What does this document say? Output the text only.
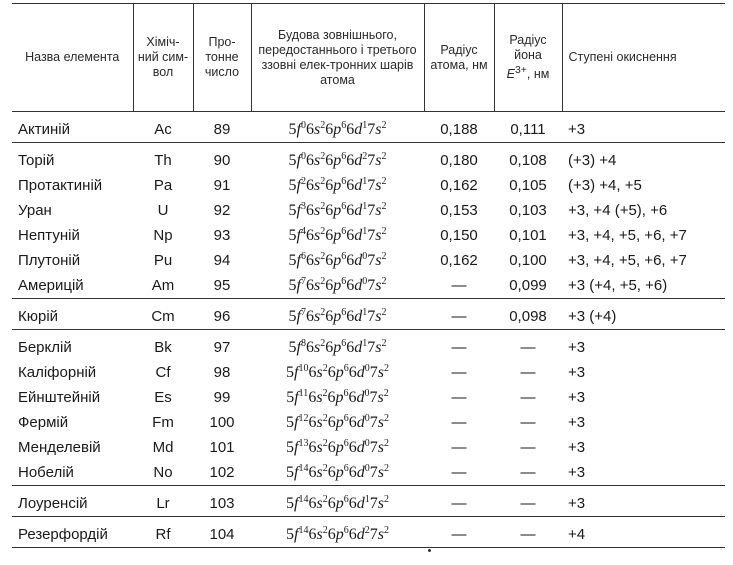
Назва елемента	Хіміч-ний сим-вол	Про-тонне число	Будова зовнішнього, передостаннього і третього ззовні елек-тронних шарів атома	Радіус атома, нм	Радіус йона
$E^{3+}$, нм	Ступені окиснення
Актиній	Ac	89	$5f^06s^26p^66d^17s^2$	0,188	0,111	+3
Торій	Th	90	$5f^06s^26p^66d^27s^2$	0,180	0,108	(+3) +4
Протактиній	Pa	91	$5f^26s^26p^66d^17s^2$	0,162	0,105	(+3) +4, +5
Уран	U	92	$5f^36s^26p^66d^17s^2$	0,153	0,103	+3, +4 (+5), +6
Нептуній	Np	93	$5f^46s^26p^66d^17s^2$	0,150	0,101	+3, +4, +5, +6, +7
Плутоній	Pu	94	$5f^66s^26p^66d^07s^2$	0,162	0,100	+3, +4, +5, +6, +7
Америцій	Am	95	$5f^76s^26p^66d^07s^2$	—	0,099	+3 (+4, +5, +6)
Кюрій	Cm	96	$5f^76s^26p^66d^17s^2$	—	0,098	+3 (+4)
Берклій	Bk	97	$5f^86s^26p^66d^17s^2$	—	—	+3
Каліфорній	Cf	98	$5f^{10}6s^26p^66d^07s^2$	—	—	+3
Ейнштейній	Es	99	$5f^{11}6s^26p^66d^07s^2$	—	—	+3
Фермій	Fm	100	$5f^{12}6s^26p^66d^07s^2$	—	—	+3
Менделевій	Md	101	$5f^{13}6s^26p^66d^07s^2$	—	—	+3
Нобелій	No	102	$5f^{14}6s^26p^66d^07s^2$	—	—	+3
Лоуренсій	Lr	103	$5f^{14}6s^26p^66d^17s^2$	—	—	+3
Резерфордій	Rf	104	$5f^{14}6s^26p^66d^27s^2$	—	—	+4
